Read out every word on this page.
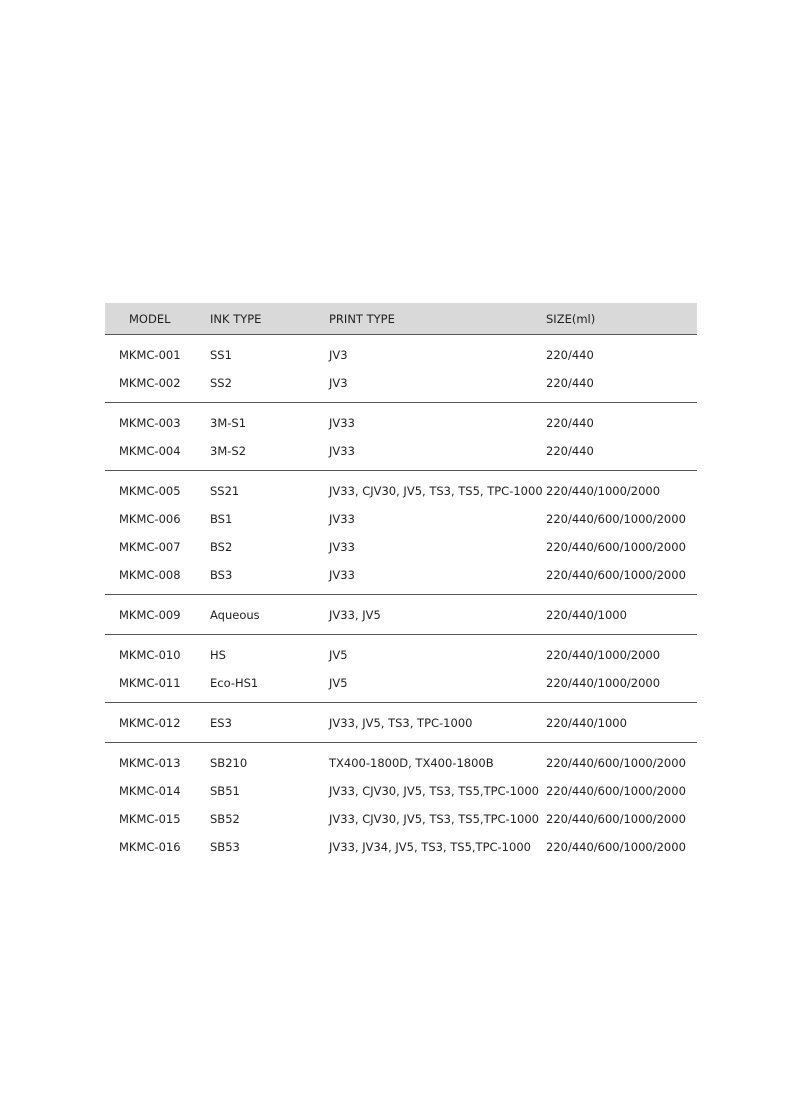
MODEL	INK TYPE	PRINT TYPE	SIZE(ml)
MKMC-001	SS1	JV3	220/440
MKMC-002	SS2	JV3	220/440
MKMC-003	3M-S1	JV33	220/440
MKMC-004	3M-S2	JV33	220/440
MKMC-005	SS21	JV33, CJV30, JV5, TS3, TS5, TPC-1000 220/440/1000/2000
MKMC-006	BS1	JV33	220/440/600/1000/2000
MKMC-007	BS2	JV33	220/440/600/1000/2000
MKMC-008	BS3	JV33	220/440/600/1000/2000
MKMC-009	Aqueous	JV33, JV5	220/440/1000
MKMC-010	HS	JV5	220/440/1000/2000
MKMC-011	Eco-HS1	JV5	220/440/1000/2000
MKMC-012	ES3	JV33, JV5, TS3, TPC-1000	220/440/1000
MKMC-013	SB210	TX400-1800D, TX400-1800B	220/440/600/1000/2000
MKMC-014	SB51	JV33, CJV30, JV5, TS3, TS5,TPC-1000 220/440/600/1000/2000
MKMC-015	SB52	JV33, CJV30, JV5, TS3, TS5,TPC-1000 220/440/600/1000/2000
MKMC-016	SB53	JV33, JV34, JV5, TS3, TS5,TPC-1000	220/440/600/1000/2000
